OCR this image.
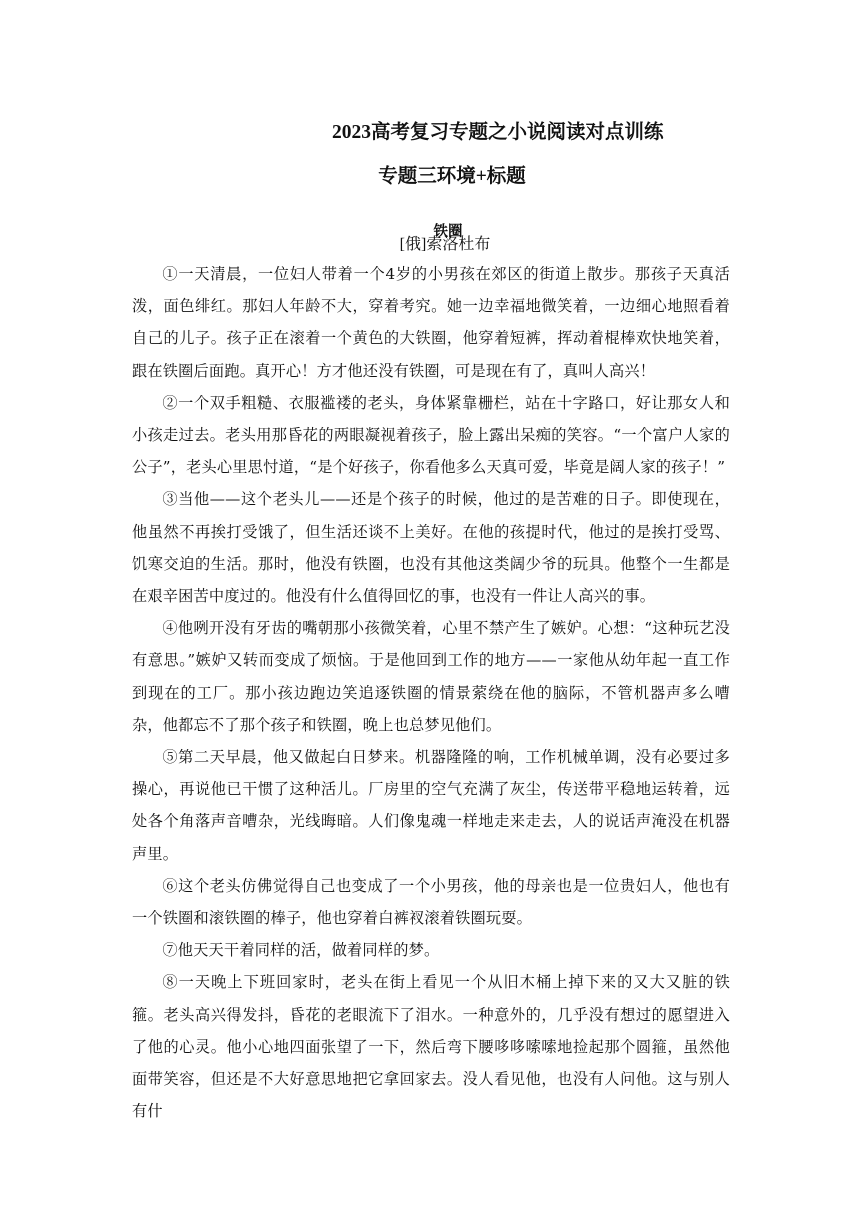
2023高考复习专题之小说阅读对点训练
专题三环境+标题
铁圈
[俄]索洛杜布

①一天清晨，一位妇人带着一个4岁的小男孩在郊区的街道上散步。那孩子天真活泼，面色绯红。那妇人年龄不大，穿着考究。她一边幸福地微笑着，一边细心地照看着自己的儿子。孩子正在滚着一个黄色的大铁圈，他穿着短裤，挥动着棍棒欢快地笑着，跟在铁圈后面跑。真开心！方才他还没有铁圈，可是现在有了，真叫人高兴！

②一个双手粗糙、衣服褴褛的老头，身体紧靠栅栏，站在十字路口，好让那女人和小孩走过去。老头用那昏花的两眼凝视着孩子，脸上露出呆痴的笑容。“一个富户人家的公子”，老头心里思忖道，“是个好孩子，你看他多么天真可爱，毕竟是阔人家的孩子！”

③当他——这个老头儿——还是个孩子的时候，他过的是苦难的日子。即使现在，他虽然不再挨打受饿了，但生活还谈不上美好。在他的孩提时代，他过的是挨打受骂、饥寒交迫的生活。那时，他没有铁圈，也没有其他这类阔少爷的玩具。他整个一生都是在艰辛困苦中度过的。他没有什么值得回忆的事，也没有一件让人高兴的事。

④他咧开没有牙齿的嘴朝那小孩微笑着，心里不禁产生了嫉妒。心想：“这种玩艺没有意思。”嫉妒又转而变成了烦恼。于是他回到工作的地方——一家他从幼年起一直工作到现在的工厂。那小孩边跑边笑追逐铁圈的情景萦绕在他的脑际，不管机器声多么嘈杂，他都忘不了那个孩子和铁圈，晚上也总梦见他们。

⑤第二天早晨，他又做起白日梦来。机器隆隆的响，工作机械单调，没有必要过多操心，再说他已干惯了这种活儿。厂房里的空气充满了灰尘，传送带平稳地运转着，远处各个角落声音嘈杂，光线晦暗。人们像鬼魂一样地走来走去，人的说话声淹没在机器声里。

⑥这个老头仿佛觉得自己也变成了一个小男孩，他的母亲也是一位贵妇人，他也有一个铁圈和滚铁圈的棒子，他也穿着白裤衩滚着铁圈玩耍。

⑦他天天干着同样的活，做着同样的梦。

⑧一天晚上下班回家时，老头在街上看见一个从旧木桶上掉下来的又大又脏的铁箍。老头高兴得发抖，昏花的老眼流下了泪水。一种意外的，几乎没有想过的愿望进入了他的心灵。他小心地四面张望了一下，然后弯下腰哆哆嗦嗦地捡起那个圆箍，虽然他面带笑容，但还是不大好意思地把它拿回家去。没人看见他，也没有人问他。这与别人有什
